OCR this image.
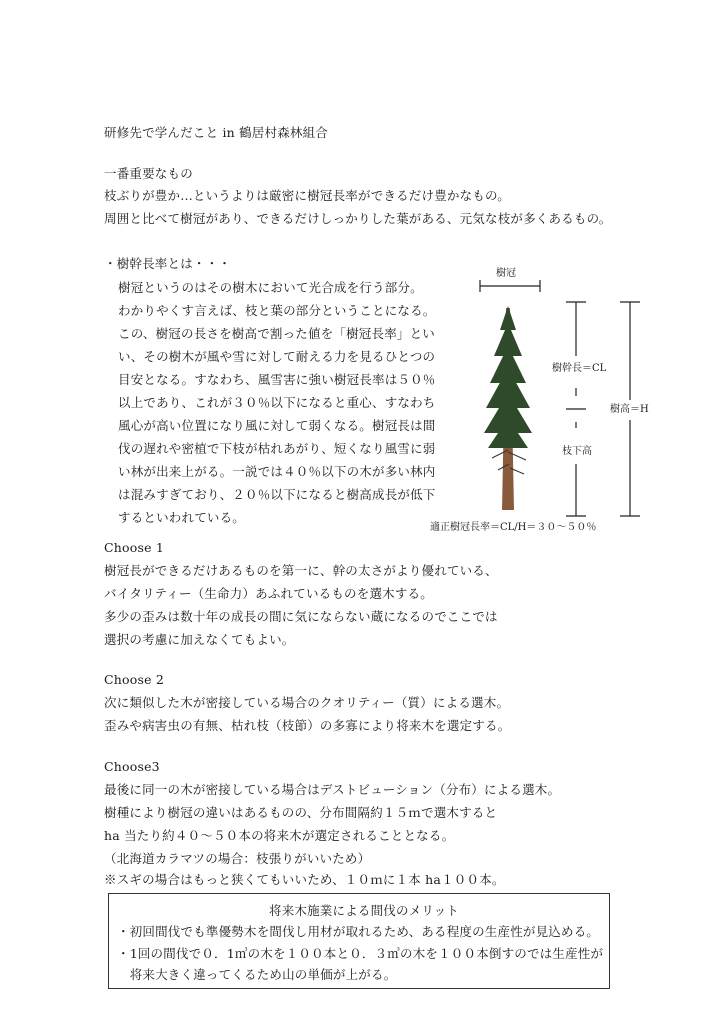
研修先で学んだこと in 鶴居村森林組合
一番重要なもの
枝ぶりが豊か…というよりは厳密に樹冠長率ができるだけ豊かなもの。
周囲と比べて樹冠があり、できるだけしっかりした葉がある、元気な枝が多くあるもの。
・樹幹長率とは・・・
樹冠というのはその樹木において光合成を行う部分。
わかりやくす言えば、枝と葉の部分ということになる。
この、樹冠の長さを樹高で割った値を「樹冠長率」とい
い、その樹木が風や雪に対して耐える力を見るひとつの
目安となる。すなわち、風雪害に強い樹冠長率は５０％
以上であり、これが３０％以下になると重心、すなわち
風心が高い位置になり風に対して弱くなる。樹冠長は間
伐の遅れや密植で下枝が枯れあがり、短くなり風雪に弱
い林が出来上がる。一説では４０％以下の木が多い林内
は混みすぎており、２０％以下になると樹高成長が低下
するといわれている。
樹冠
樹幹長＝CL
樹高＝H
枝下高
適正樹冠長率＝CL/H＝３０～５０％
Choose 1
樹冠長ができるだけあるものを第一に、幹の太さがより優れている、
バイタリティー（生命力）あふれているものを選木する。
多少の歪みは数十年の成長の間に気にならない蔵になるのでここでは
選択の考慮に加えなくてもよい。
Choose 2
次に類似した木が密接している場合のクオリティー（質）による選木。
歪みや病害虫の有無、枯れ枝（枝節）の多寡により将来木を選定する。
Choose3
最後に同一の木が密接している場合はデストビューション（分布）による選木。
樹種により樹冠の違いはあるものの、分布間隔約１５ｍで選木すると
ha 当たり約４０～５０本の将来木が選定されることとなる。
（北海道カラマツの場合：枝張りがいいため）
※スギの場合はもっと狭くてもいいため、１０ｍに１本 ha１００本。
将来木施業による間伐のメリット
・初回間伐でも準優勢木を間伐し用材が取れるため、ある程度の生産性が見込める。
・1回の間伐で０．1㎥の木を１００本と０．３㎥の木を１００本倒すのでは生産性が
　将来大きく違ってくるため山の単価が上がる。
